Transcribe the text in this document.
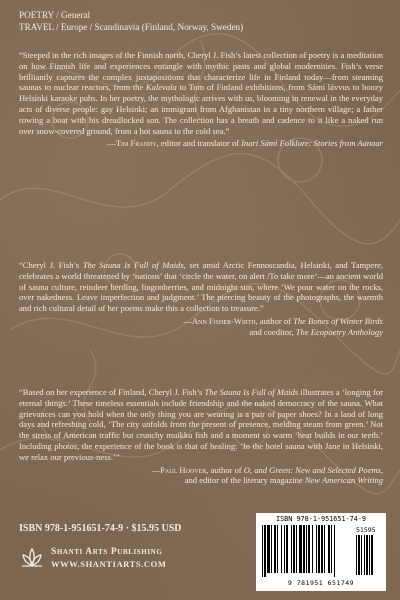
POETRY / General
TRAVEL / Europe / Scandinavia (Finland, Norway, Sweden)

“Steeped in the rich images of the Finnish north, Cheryl J. Fish’s latest collection of poetry is a meditation on how Finnish life and experiences entangle with mythic pasts and global modernities. Fish’s verse brilliantly captures the complex juxtapositions that characterize life in Finland today—from steaming saunas to nuclear reactors, from the Kalevala to Tom of Finland exhibitions, from Sámi lávvus to boozy Helsinki karaoke pubs. In her poetry, the mythologic arrives with us, blooming in renewal in the everyday acts of diverse people: gay Helsinki; an immigrant from Afghanistan in a tiny northern village; a father rowing a boat with his dreadlocked son. The collection has a breath and cadence to it like a naked run over snow-covered ground, from a hot sauna to the cold sea.”

—Tim Frandy, editor and translator of Inari Sámi Folklore: Stories from Aanaar

“Cheryl J. Fish’s The Sauna Is Full of Maids, set amid Arctic Fennoscandia, Helsinki, and Tampere, celebrates a world threatened by ‘nations’ that ‘circle the water, on alert /To take more’—an ancient world of sauna culture, reindeer herding, lingonberries, and midnight sun, where ‘We pour water on the rocks, over nakedness. Leave imperfection and judgment.’ The piercing beauty of the photographs, the warmth and rich cultural detail of her poems make this a collection to treasure.”

—Ann Fisher-Wirth, author of The Bones of Winter Birds
and coeditor, The Ecopoetry Anthology

“Based on her experience of Finland, Cheryl J. Fish’s The Sauna Is Full of Maids illustrates a ‘longing for eternal things.’ These timeless essentials include friendship and the naked democracy of the sauna. What grievances can you hold when the only thing you are wearing is a pair of paper shoes? In a land of long days and refreshing cold, ‘The city unfolds from the present of presence, melding steam from green.’ Not the stress of American traffic but crunchy muikku fish and a moment so warm ‘heat builds in our teeth.’ Including photos, the experience of the book is that of healing: ‘In the hotel sauna with Jane in Helsinki, we relax our previous-ness.’”

—Paul Hoover, author of O, and Green: New and Selected Poems,
and editor of the literary magazine New American Writing
ISBN 978-1-951651-74-9 · $15.95 USD
Shanti Arts Publishing
WWW.SHANTIARTS.COM
ISBN 978-1-951651-74-9
51595
9 781951 651749
